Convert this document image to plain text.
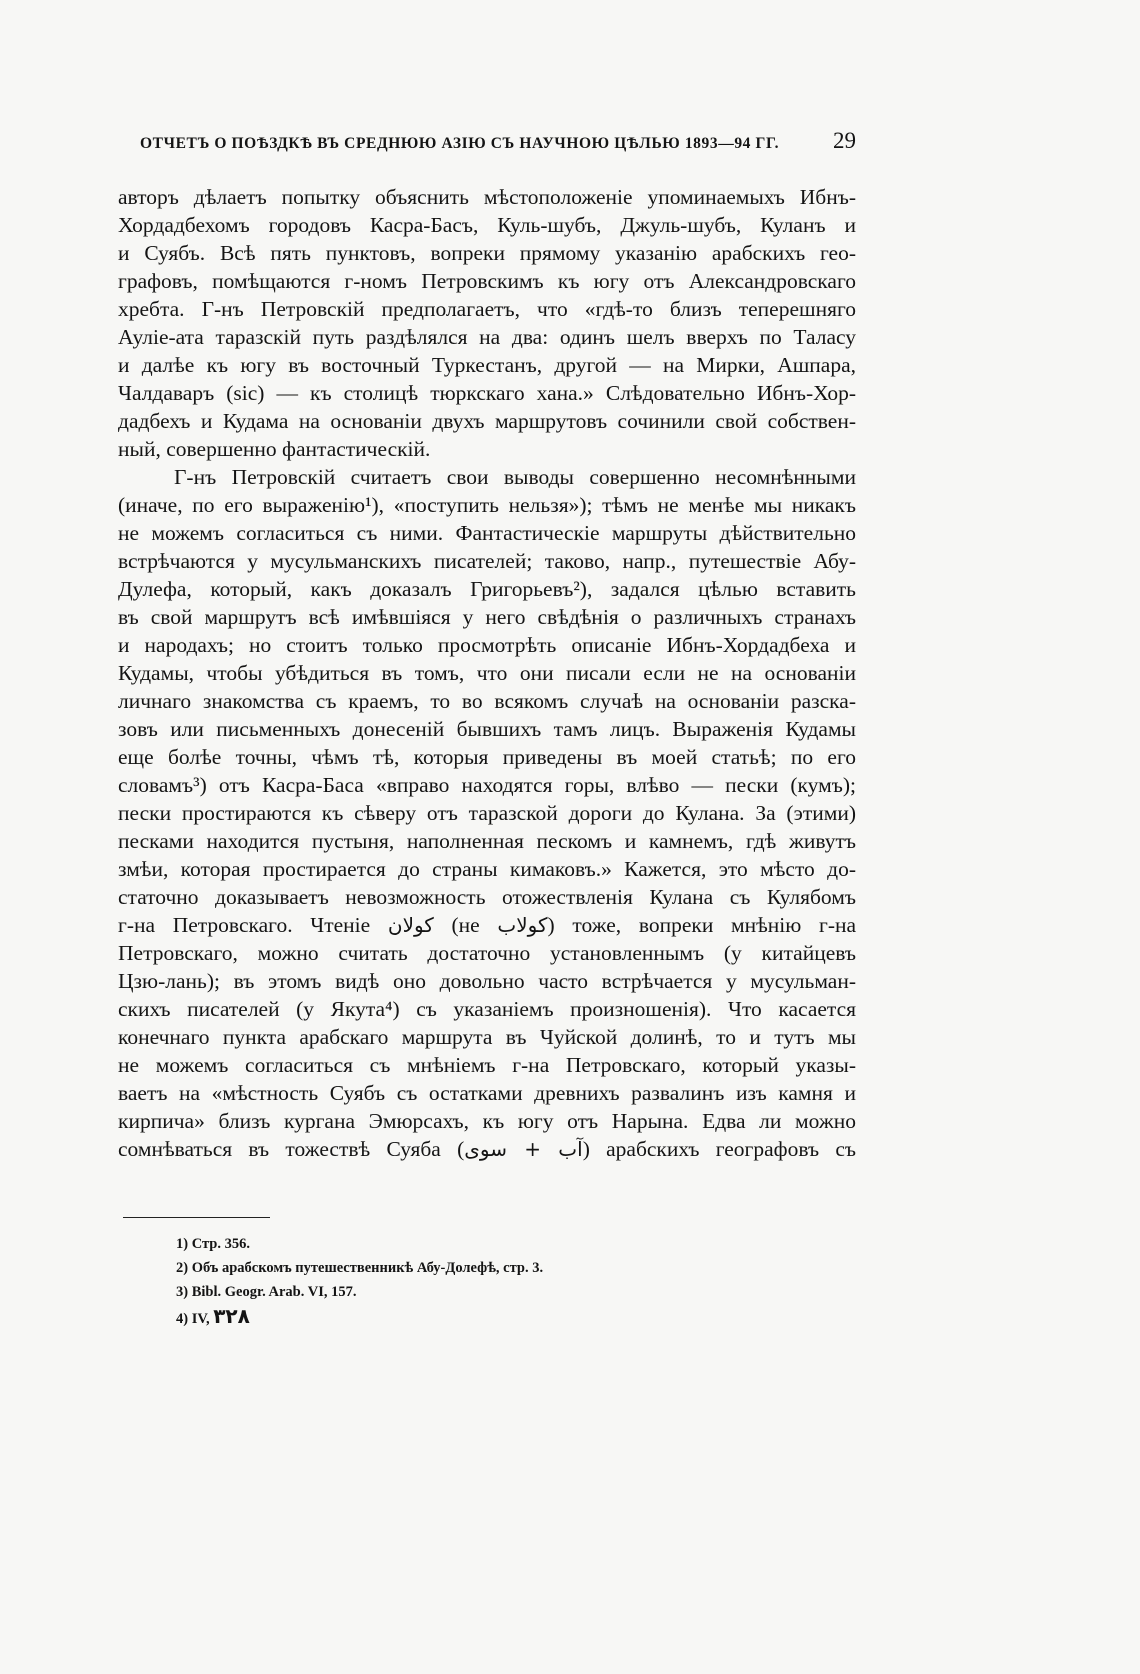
ОТЧЕТЪ О ПОѢЗДКѢ ВЪ СРЕДНЮЮ АЗІЮ СЪ НАУЧНОЮ ЦѢЛЬЮ 1893—94 ГГ. 29

авторъ дѣлаетъ попытку объяснить мѣстоположеніе упоминаемыхъ Ибнъ-
Хордадбехомъ городовъ Касра-Басъ, Куль-шубъ, Джуль-шубъ, Куланъ и
и Суябъ. Всѣ пять пунктовъ, вопреки прямому указанію арабскихъ гео-
графовъ, помѣщаются г-номъ Петровскимъ къ югу отъ Александровскаго
хребта. Г-нъ Петровскій предполагаетъ, что «гдѣ-то близъ теперешняго
Ауліе-ата таразскій путь раздѣлялся на два: одинъ шелъ вверхъ по Таласу
и далѣе къ югу въ восточный Туркестанъ, другой — на Мирки, Ашпара,
Чалдаваръ (sic) — къ столицѣ тюркскаго хана.» Слѣдовательно Ибнъ-Хор-
дадбехъ и Кудама на основаніи двухъ маршрутовъ сочинили свой собствен-
ный, совершенно фантастическій.

Г-нъ Петровскій считаетъ свои выводы совершенно несомнѣнными
(иначе, по его выраженію¹), «поступить нельзя»); тѣмъ не менѣе мы никакъ
не можемъ согласиться съ ними. Фантастическіе маршруты дѣйствительно
встрѣчаются у мусульманскихъ писателей; таково, напр., путешествіе Абу-
Дулефа, который, какъ доказалъ Григорьевъ²), задался цѣлью вставить
въ свой маршрутъ всѣ имѣвшіяся у него свѣдѣнія о различныхъ странахъ
и народахъ; но стоитъ только просмотрѣть описаніе Ибнъ-Хордадбеха и
Кудамы, чтобы убѣдиться въ томъ, что они писали если не на основаніи
личнаго знакомства съ краемъ, то во всякомъ случаѣ на основаніи разска-
зовъ или письменныхъ донесеній бывшихъ тамъ лицъ. Выраженія Кудамы
еще болѣе точны, чѣмъ тѣ, которыя приведены въ моей статьѣ; по его
словамъ³) отъ Касра-Баса «вправо находятся горы, влѣво — пески (кумъ);
пески простираются къ сѣверу отъ таразской дороги до Кулана. За (этими)
песками находится пустыня, наполненная пескомъ и камнемъ, гдѣ живутъ
змѣи, которая простирается до страны кимаковъ.» Кажется, это мѣсто до-
статочно доказываетъ невозможность отожествленія Кулана съ Кулябомъ
г-на Петровскаго. Чтеніе كولان (не كولاب) тоже, вопреки мнѣнію г-на
Петровскаго, можно считать достаточно установленнымъ (у китайцевъ
Цзю-лань); въ этомъ видѣ оно довольно часто встрѣчается у мусульман-
скихъ писателей (у Якута⁴) съ указаніемъ произношенія). Что касается
конечнаго пункта арабскаго маршрута въ Чуйской долинѣ, то и тутъ мы
не можемъ согласиться съ мнѣніемъ г-на Петровскаго, который указы-
ваетъ на «мѣстность Суябъ съ остатками древнихъ развалинъ изъ камня и
кирпича» близъ кургана Эмюрсахъ, къ югу отъ Нарына. Едва ли можно
сомнѣваться въ тожествѣ Суяба (آب + سوى) арабскихъ географовъ съ

1) Стр. 356.
2) Объ арабскомъ путешественникѣ Абу-Долефѣ, стр. 3.
3) Bibl. Geogr. Arab. VI, 157.
4) IV, ٣٢٨
